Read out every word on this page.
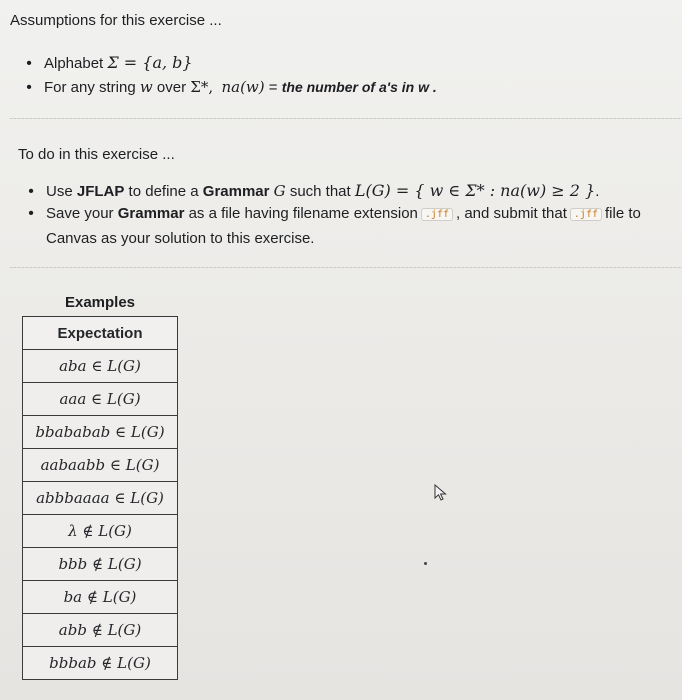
Assumptions for this exercise ...
• Alphabet
Σ = {a, b}
• For any string
w
over
Σ*,
na(w)
=
the number of a's in w .
To do in this exercise ...
• Use
JFLAP
to define a
Grammar
G
such that
L(G) = { w ∈ Σ* : na(w) ≥ 2 } .
• Save your
Grammar
as a file having filename extension .jff , and submit that .jff file to
Canvas as your solution to this exercise.
Examples
Expectation
aba ∈ L(G)
aaa ∈ L(G)
bbababab ∈ L(G)
aabaabb ∈ L(G)
abbbaaaa ∈ L(G)
λ ∉ L(G)
bbb ∉ L(G)
ba ∉ L(G)
abb ∉ L(G)
bbbab ∉ L(G)
